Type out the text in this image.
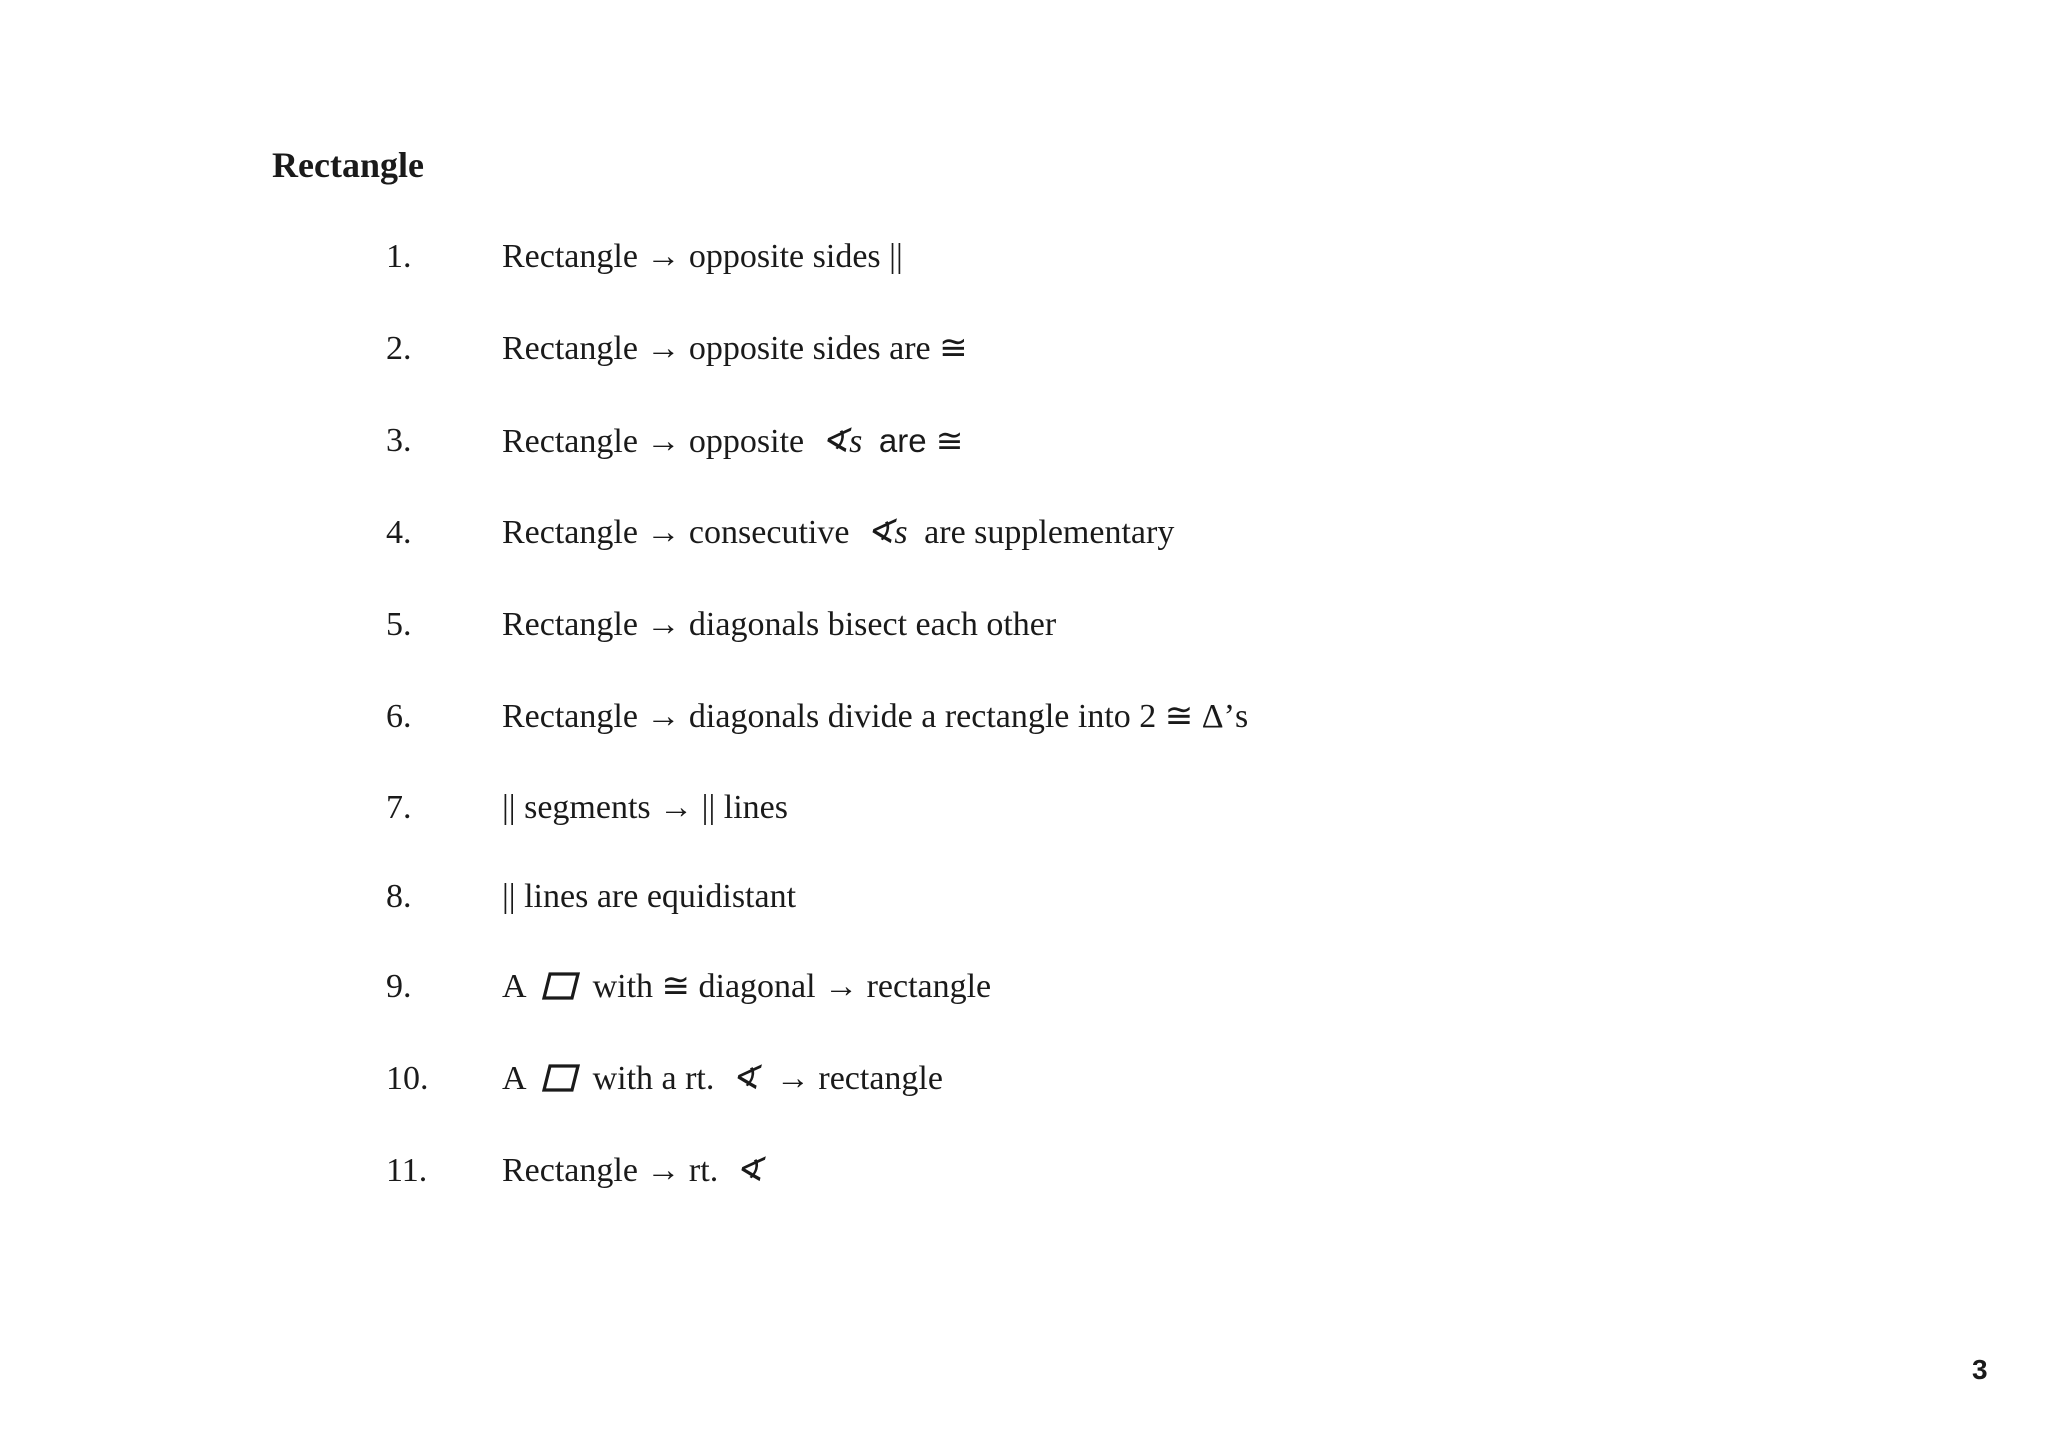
Rectangle
1.	Rectangle → opposite sides ||
2.	Rectangle → opposite sides are ≅
3.	Rectangle → opposite ∢s are ≅
4.	Rectangle → consecutive ∢s are supplementary
5.	Rectangle → diagonals bisect each other
6.	Rectangle → diagonals divide a rectangle into 2 ≅ Δ’s
7.	|| segments → || lines
8.	|| lines are equidistant
9.	A with ≅ diagonal → rectangle
10. A with a rt. ∢ → rectangle
11. Rectangle → rt. ∢
3
